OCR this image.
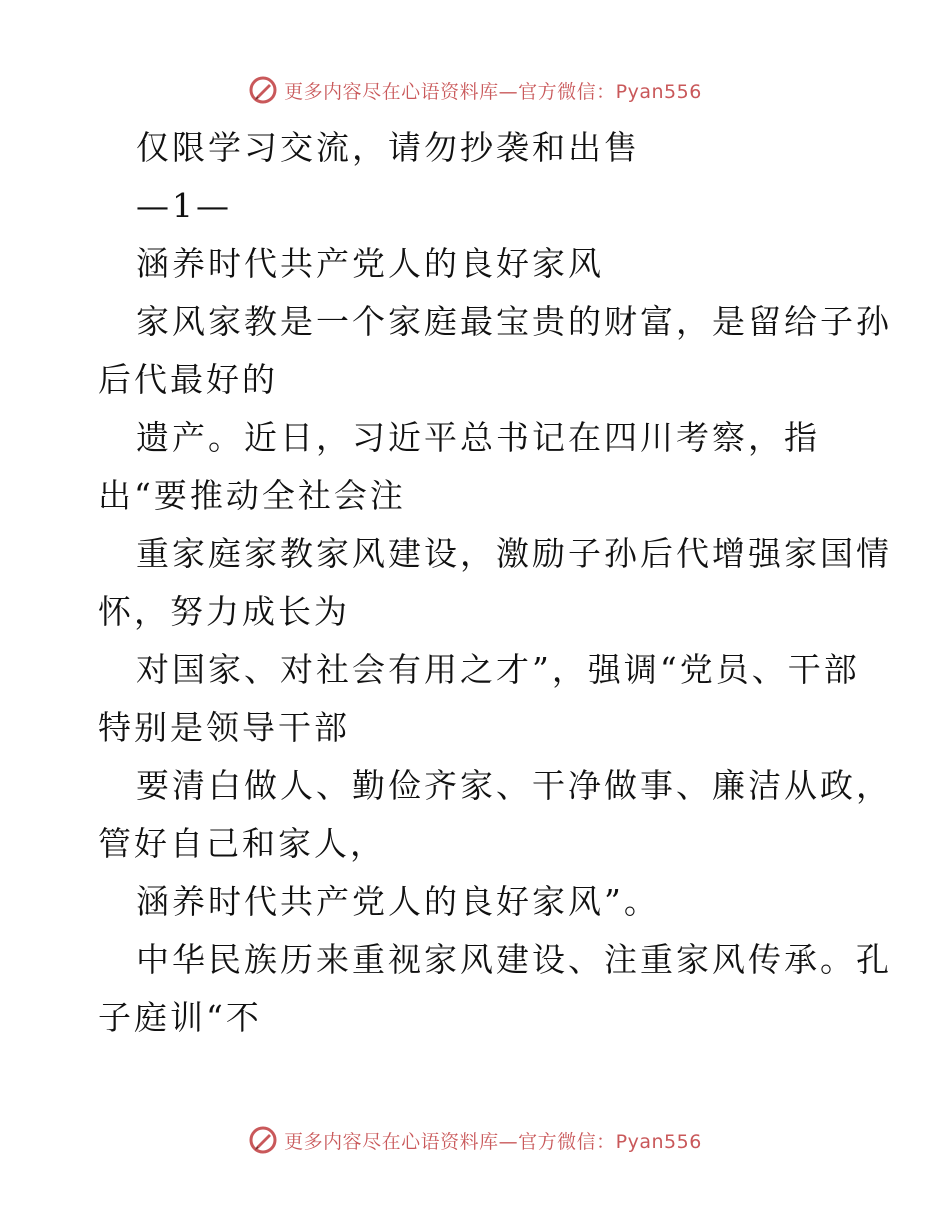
更多内容尽在心语资料库—官方微信：Pyan556
仅限学习交流，请勿抄袭和出售
—1—
涵养时代共产党人的良好家风
家风家教是一个家庭最宝贵的财富，是留给子孙
后代最好的
遗产。近日，习近平总书记在四川考察，指
出“要推动全社会注
重家庭家教家风建设，激励子孙后代增强家国情
怀，努力成长为
对国家、对社会有用之才”，强调“党员、干部
特别是领导干部
要清白做人、勤俭齐家、干净做事、廉洁从政，
管好自己和家人，
涵养时代共产党人的良好家风”。
中华民族历来重视家风建设、注重家风传承。孔
子庭训“不
更多内容尽在心语资料库—官方微信：Pyan556
